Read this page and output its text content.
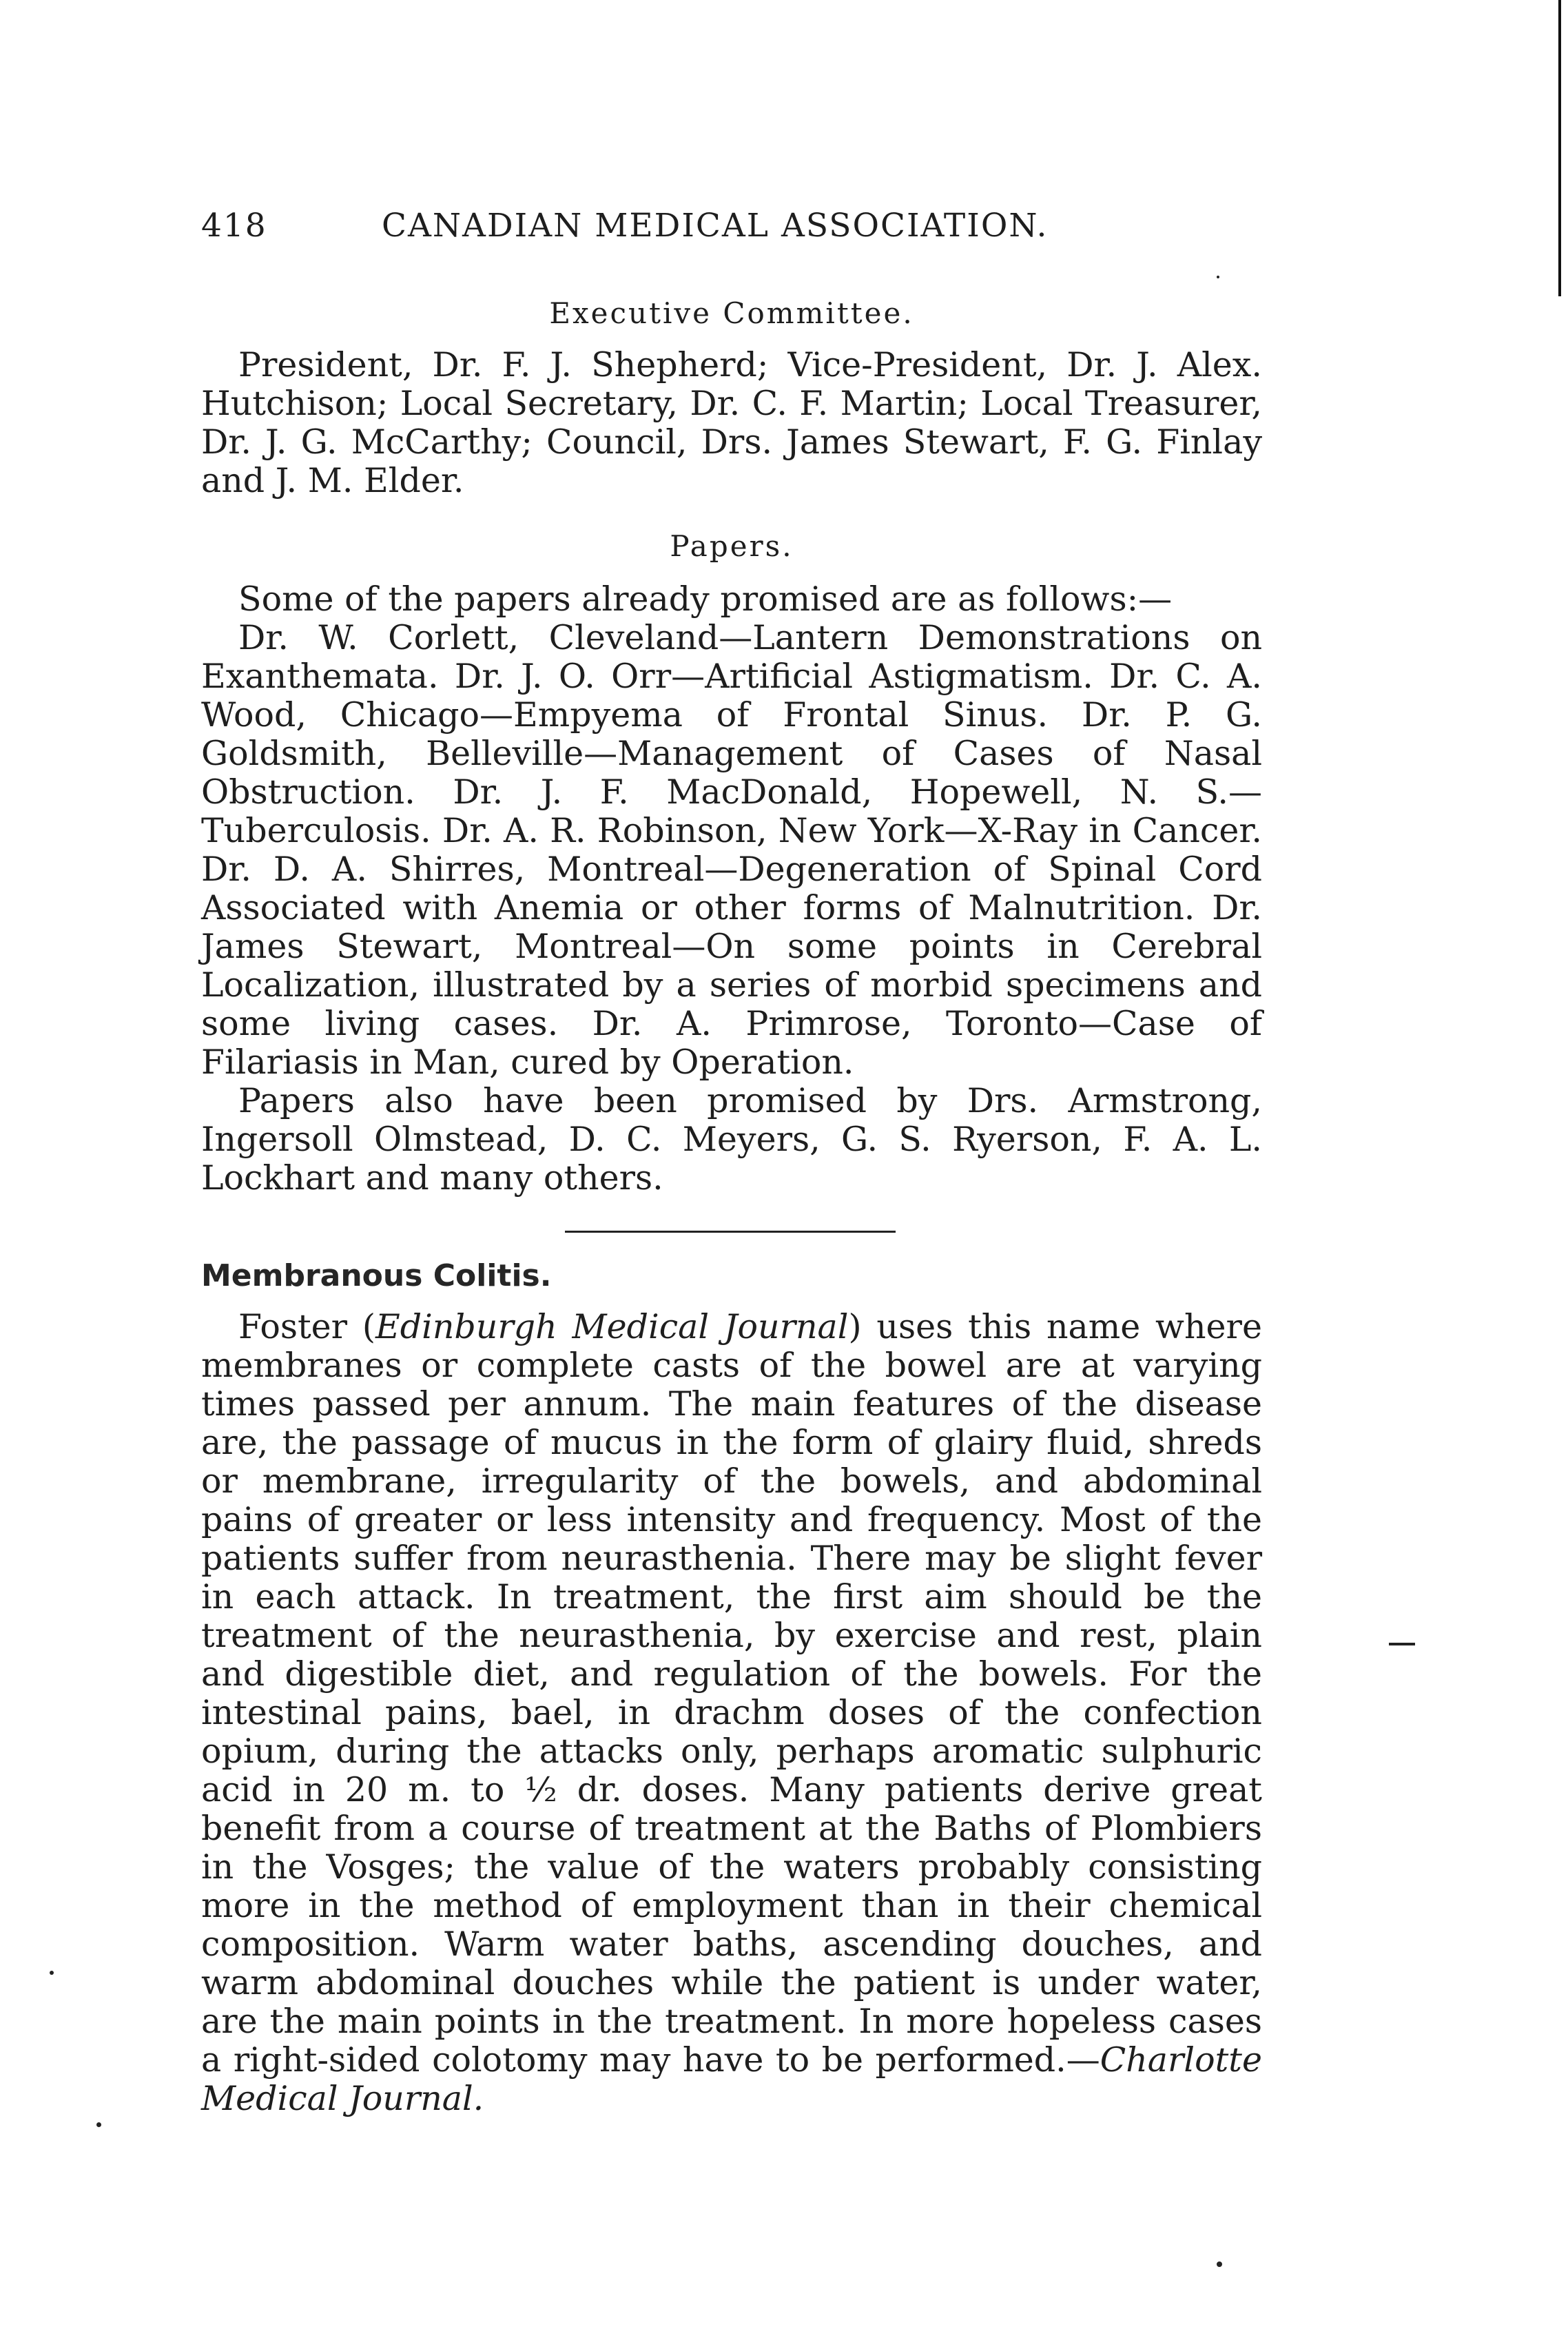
418	CANADIAN MEDICAL ASSOCIATION.
Executive Committee.

President, Dr. F. J. Shepherd; Vice-President, Dr. J. Alex. Hutchison; Local Secretary, Dr. C. F. Martin; Local Treasurer, Dr. J. G. McCarthy; Council, Drs. James Stewart, F. G. Finlay and J. M. Elder.

Papers.

Some of the papers already promised are as follows:—

Dr. W. Corlett, Cleveland—Lantern Demonstrations on Exanthemata. Dr. J. O. Orr—Artificial Astigmatism. Dr. C. A. Wood, Chicago—Empyema of Frontal Sinus. Dr. P. G. Goldsmith, Belleville—Management of Cases of Nasal Obstruction. Dr. J. F. MacDonald, Hopewell, N. S.—Tuberculosis. Dr. A. R. Robinson, New York—X-Ray in Cancer. Dr. D. A. Shirres, Montreal—Degeneration of Spinal Cord Associated with Anemia or other forms of Malnutrition. Dr. James Stewart, Montreal—On some points in Cerebral Localization, illustrated by a series of morbid specimens and some living cases. Dr. A. Primrose, Toronto—Case of Filariasis in Man, cured by Operation.

Papers also have been promised by Drs. Armstrong, Ingersoll Olmstead, D. C. Meyers, G. S. Ryerson, F. A. L. Lockhart and many others.

Membranous Colitis.

Foster (Edinburgh Medical Journal) uses this name where membranes or complete casts of the bowel are at varying times passed per annum. The main features of the disease are, the passage of mucus in the form of glairy fluid, shreds or membrane, irregularity of the bowels, and abdominal pains of greater or less intensity and frequency. Most of the patients suffer from neurasthenia. There may be slight fever in each attack. In treatment, the first aim should be the treatment of the neurasthenia, by exercise and rest, plain and digestible diet, and regulation of the bowels. For the intestinal pains, bael, in drachm doses of the confection opium, during the attacks only, perhaps aromatic sulphuric acid in 20 m. to ½ dr. doses. Many patients derive great benefit from a course of treatment at the Baths of Plombiers in the Vosges; the value of the waters probably consisting more in the method of employment than in their chemical composition. Warm water baths, ascending douches, and warm abdominal douches while the patient is under water, are the main points in the treatment. In more hopeless cases a right-sided colotomy may have to be performed.—Charlotte Medical Journal.
